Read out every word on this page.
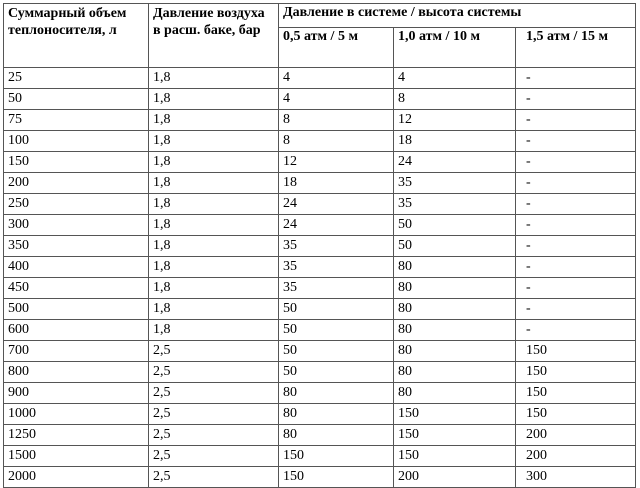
Суммарный объем теплоносителя, л	Давление воздуха в расш. баке, бар	Давление в системе / высота системы		
		0,5 атм / 5 м	1,0 атм / 10 м	1,5 атм / 15 м
25	1,8	4	4	-
50	1,8	4	8	-
75	1,8	8	12	-
100	1,8	8	18	-
150	1,8	12	24	-
200	1,8	18	35	-
250	1,8	24	35	-
300	1,8	24	50	-
350	1,8	35	50	-
400	1,8	35	80	-
450	1,8	35	80	-
500	1,8	50	80	-
600	1,8	50	80	-
700	2,5	50	80	150
800	2,5	50	80	150
900	2,5	80	80	150
1000	2,5	80	150	150
1250	2,5	80	150	200
1500	2,5	150	150	200
2000	2,5	150	200	300
